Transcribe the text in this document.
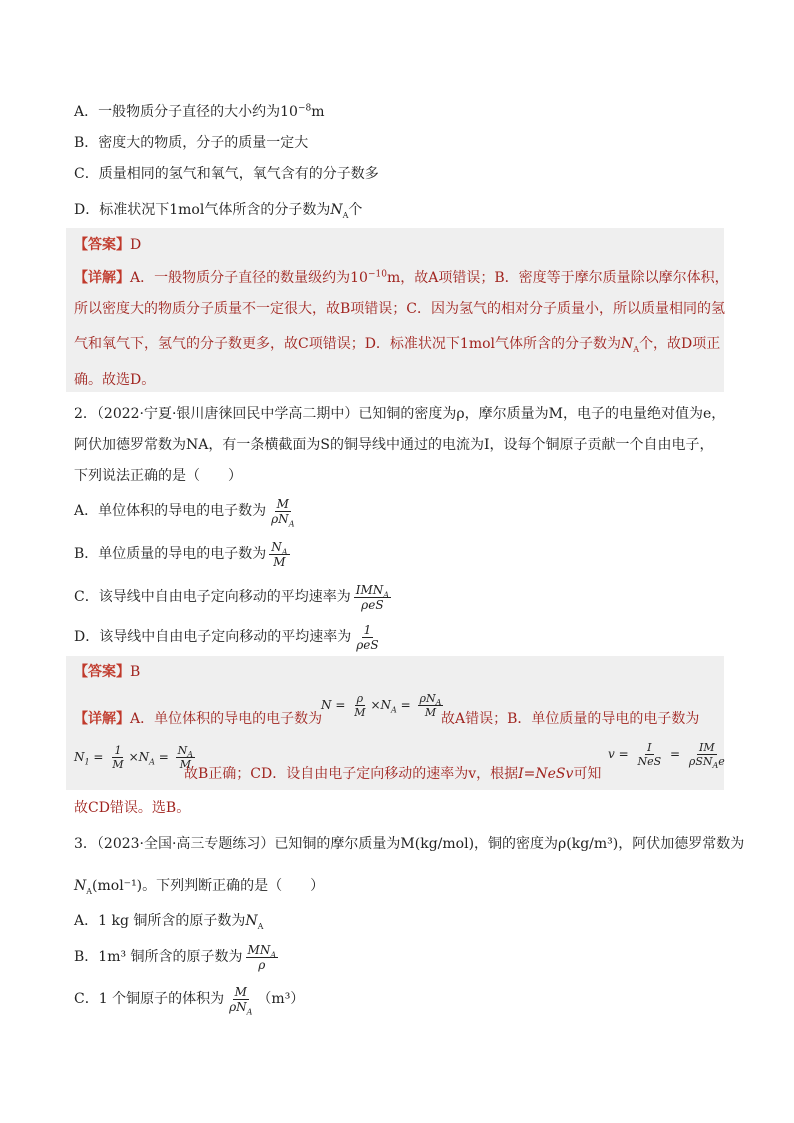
A．一般物质分子直径的大小约为$10^{-8}m$
B．密度大的物质，分子的质量一定大
C．质量相同的氢气和氧气，氧气含有的分子数多
D．标准状况下1mol气体所含的分子数为$N_A$个
【答案】D
【详解】A．一般物质分子直径的数量级约为$10^{-10}m$，故A项错误；B．密度等于摩尔质量除以摩尔体积，
所以密度大的物质分子质量不一定很大，故B项错误；C．因为氢气的相对分子质量小，所以质量相同的氢
气和氧气下，氢气的分子数更多，故C项错误；D．标准状况下1mol气体所含的分子数为$N_A$个，故D项正
确。故选D。
2．（2022·宁夏·银川唐徕回民中学高二期中）已知铜的密度为ρ，摩尔质量为M，电子的电量绝对值为e，
阿伏加德罗常数为NA，有一条横截面为S的铜导线中通过的电流为I，设每个铜原子贡献一个自由电子，
下列说法正确的是（　　）
A．单位体积的导电的电子数为 $\frac{M}{\rho N_A}$
B．单位质量的导电的电子数为 $\frac{N_A}{M}$
C．该导线中自由电子定向移动的平均速率为 $\frac{IMN_A}{\text{ρeS}}$
D．该导线中自由电子定向移动的平均速率为 $\frac{1}{\text{ρeS}}$
【答案】B
【详解】A．单位体积的导电的电子数为
$N = \frac{\rho}{M} \times N_A = \frac{\rho N_A}{M}$
故A错误；B．单位质量的导电的电子数为
$N_1 = \frac{1}{M} \times N_A = \frac{N_A}{M}$
故B正确；CD．设自由电子定向移动的速率为v，根据I=NeSv可知
$v = \frac{I}{\text{NeS}} = \frac{IM}{\rho SN_Ae}$
故CD错误。选B。
3．（2023·全国·高三专题练习）已知铜的摩尔质量为M(kg/mol)，铜的密度为ρ(kg/m³)，阿伏加德罗常数为
$N_A(mol^{-1})$。下列判断正确的是（　　）
A．1 kg 铜所含的原子数为$N_A$
B．1m³ 铜所含的原子数为 $\frac{MN_A}{\rho}$
C．1 个铜原子的体积为 $\frac{M}{\rho N_A} (m^3)$
